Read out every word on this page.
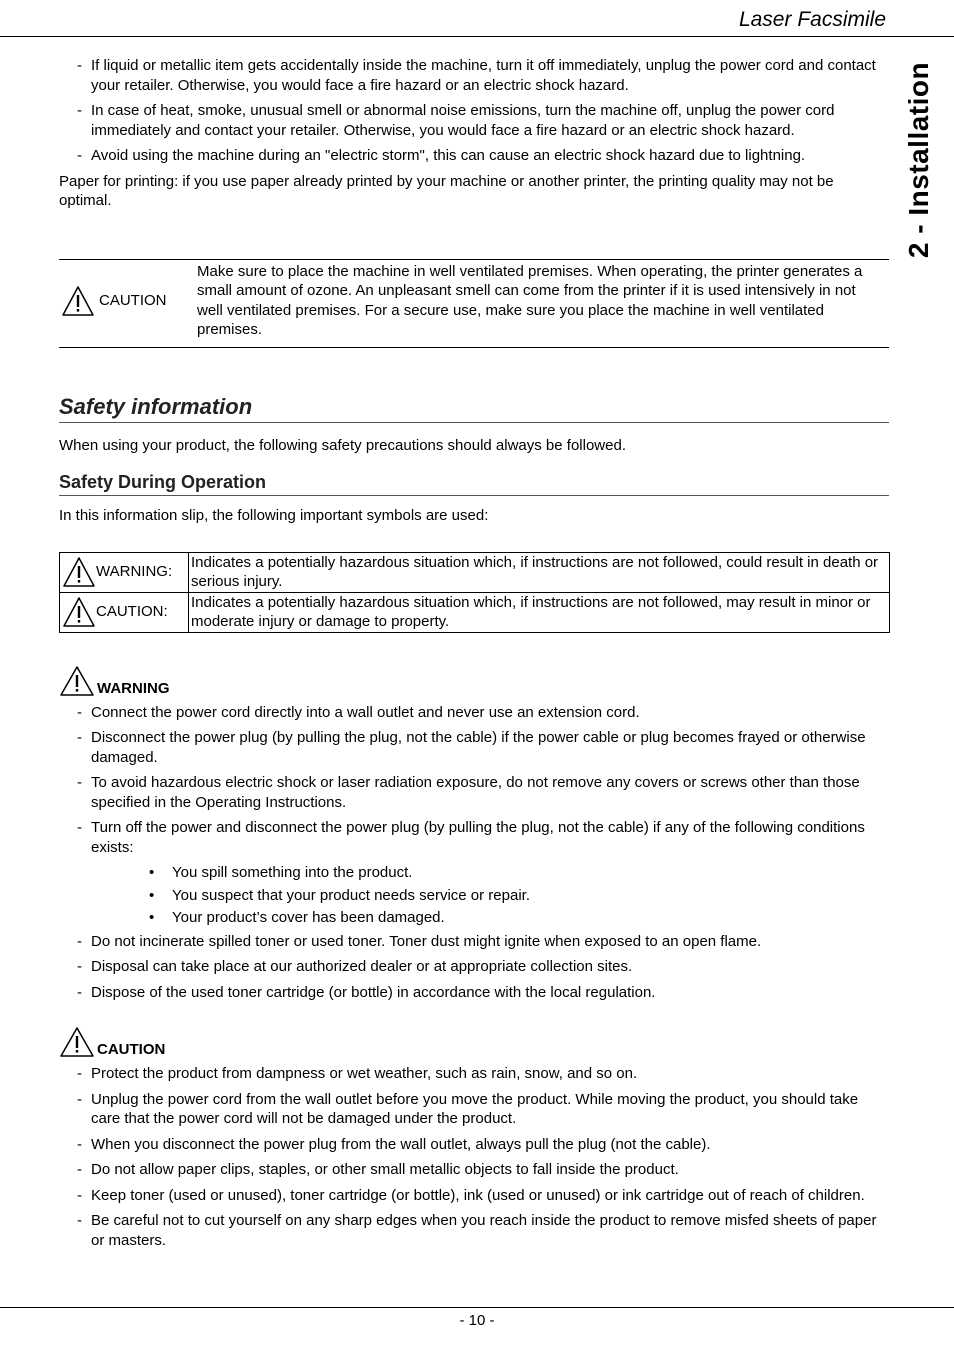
Laser Facsimile
2 - Installation
- If liquid or metallic item gets accidentally inside the machine, turn it off immediately, unplug the power cord and contact your retailer. Otherwise, you would face a fire hazard or an electric shock hazard.
- In case of heat, smoke, unusual smell or abnormal noise emissions, turn the machine off, unplug the power cord immediately and contact your retailer. Otherwise, you would face a fire hazard or an electric shock hazard.
- Avoid using the machine during an "electric storm", this can cause an electric shock hazard due to lightning.

Paper for printing: if you use paper already printed by your machine or another printer, the printing quality may not be optimal.

CAUTION
Make sure to place the machine in well ventilated premises. When operating, the printer generates a small amount of ozone. An unpleasant smell can come from the printer if it is used intensively in not well ventilated premises. For a secure use, make sure you place the machine in well ventilated premises.
Safety information

When using your product, the following safety precautions should always be followed.

Safety During Operation

In this information slip, the following important symbols are used:

WARNING:	Indicates a potentially hazardous situation which, if instructions are not followed, could result in death or serious injury.
CAUTION:	Indicates a potentially hazardous situation which, if instructions are not followed, may result in minor or moderate injury or damage to property.
WARNING
- Connect the power cord directly into a wall outlet and never use an extension cord.
- Disconnect the power plug (by pulling the plug, not the cable) if the power cable or plug becomes frayed or otherwise damaged.
- To avoid hazardous electric shock or laser radiation exposure, do not remove any covers or screws other than those specified in the Operating Instructions.
- Turn off the power and disconnect the power plug (by pulling the plug, not the cable) if any of the following conditions exists:
• You spill something into the product.
• You suspect that your product needs service or repair.
• Your product’s cover has been damaged.
- Do not incinerate spilled toner or used toner. Toner dust might ignite when exposed to an open flame.
- Disposal can take place at our authorized dealer or at appropriate collection sites.
- Dispose of the used toner cartridge (or bottle) in accordance with the local regulation.
CAUTION
- Protect the product from dampness or wet weather, such as rain, snow, and so on.
- Unplug the power cord from the wall outlet before you move the product. While moving the product, you should take care that the power cord will not be damaged under the product.
- When you disconnect the power plug from the wall outlet, always pull the plug (not the cable).
- Do not allow paper clips, staples, or other small metallic objects to fall inside the product.
- Keep toner (used or unused), toner cartridge (or bottle), ink (used or unused) or ink cartridge out of reach of children.
- Be careful not to cut yourself on any sharp edges when you reach inside the product to remove misfed sheets of paper or masters.
- 10 -
